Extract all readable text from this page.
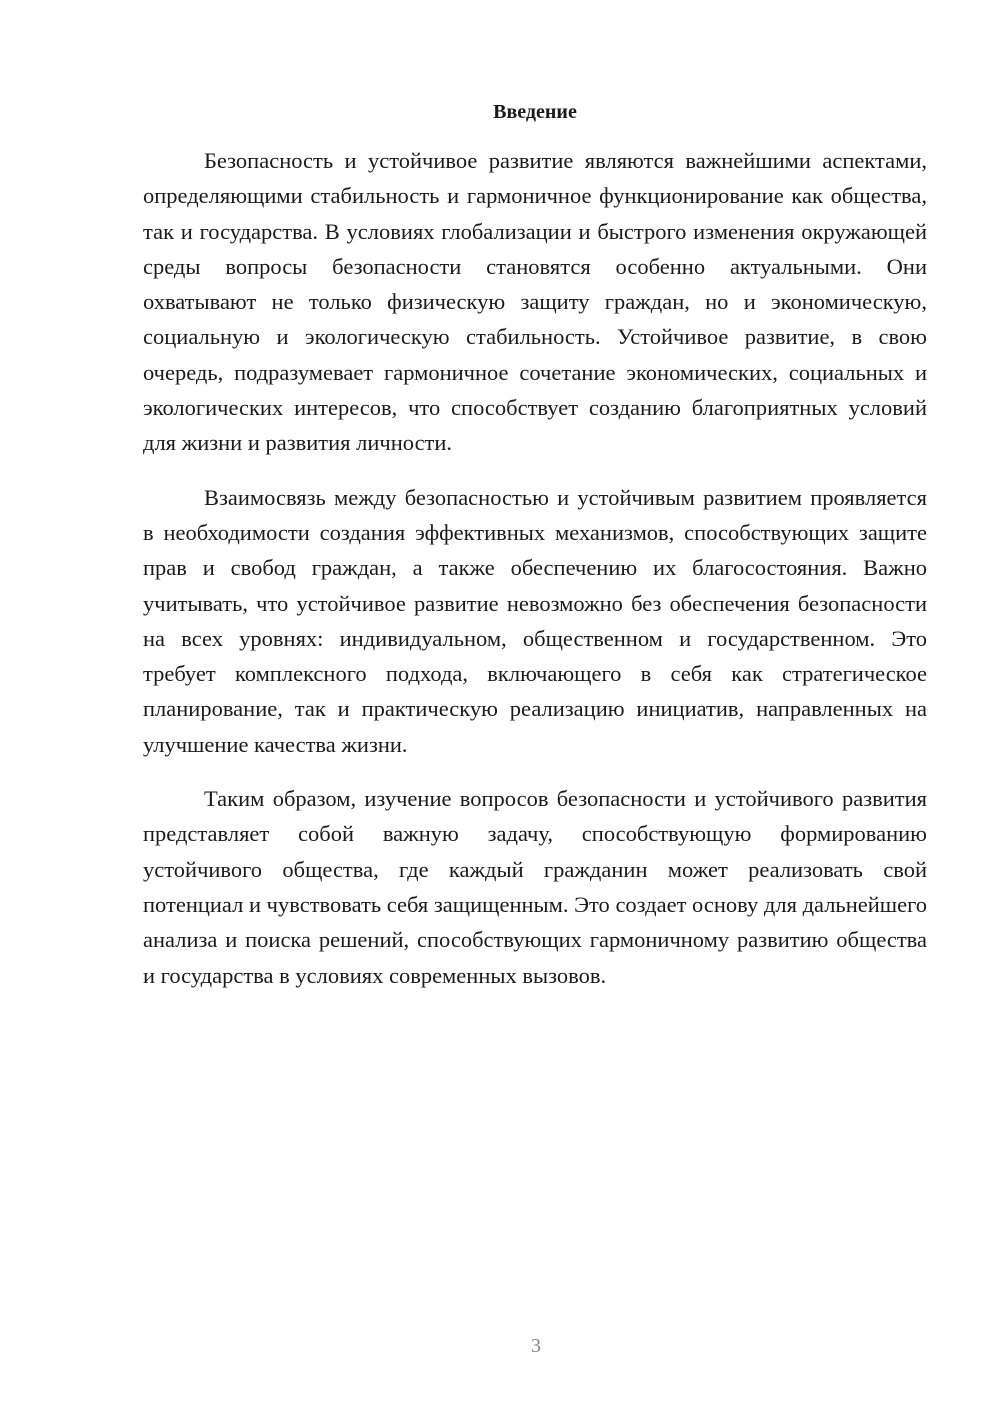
Введение

Безопасность и устойчивое развитие являются важнейшими аспектами, определяющими стабильность и гармоничное функционирование как общества, так и государства. В условиях глобализации и быстрого изменения окружающей среды вопросы безопасности становятся особенно актуальными. Они охватывают не только физическую защиту граждан, но и экономическую, социальную и экологическую стабильность. Устойчивое развитие, в свою очередь, подразумевает гармоничное сочетание экономических, социальных и экологических интересов, что способствует созданию благоприятных условий для жизни и развития личности.

Взаимосвязь между безопасностью и устойчивым развитием проявляется в необходимости создания эффективных механизмов, способствующих защите прав и свобод граждан, а также обеспечению их благосостояния. Важно учитывать, что устойчивое развитие невозможно без обеспечения безопасности на всех уровнях: индивидуальном, общественном и государственном. Это требует комплексного подхода, включающего в себя как стратегическое планирование, так и практическую реализацию инициатив, направленных на улучшение качества жизни.

Таким образом, изучение вопросов безопасности и устойчивого развития представляет собой важную задачу, способствующую формированию устойчивого общества, где каждый гражданин может реализовать свой потенциал и чувствовать себя защищенным. Это создает основу для дальнейшего анализа и поиска решений, способствующих гармоничному развитию общества и государства в условиях современных вызовов.

3
